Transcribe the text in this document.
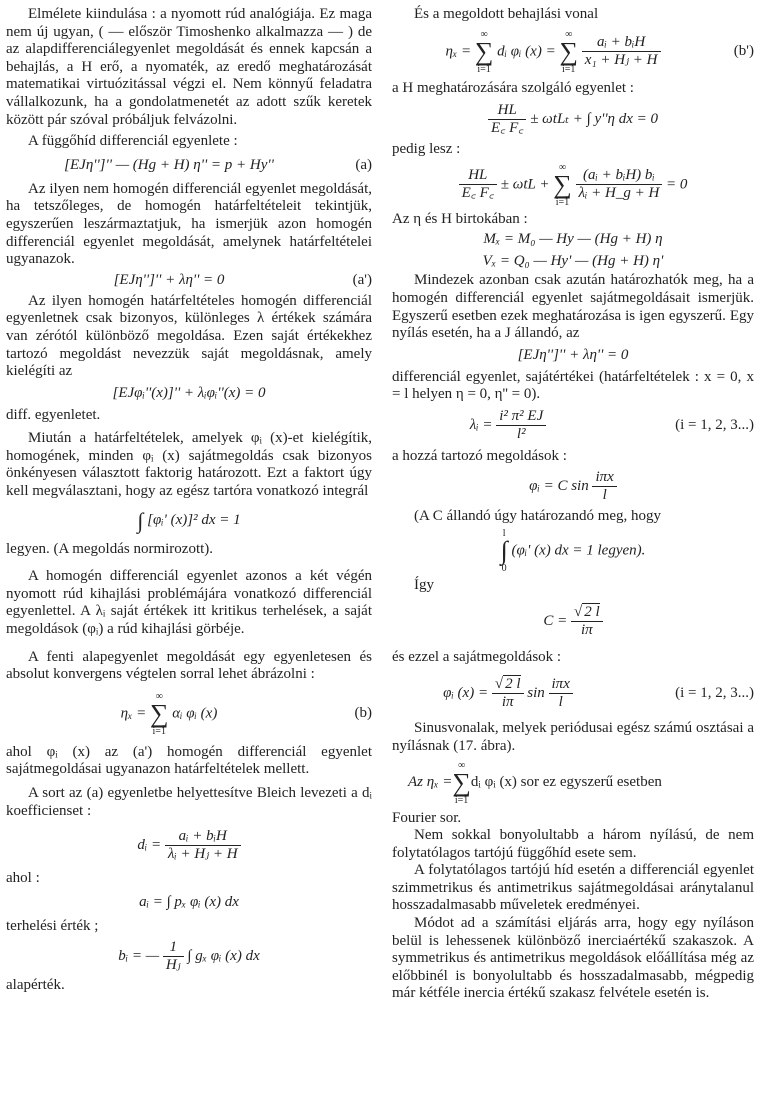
Elmélete kiindulása : a nyomott rúd analógiája. Ez maga nem új ugyan, ( — először Timoshenko alkalmazza — ) de az alapdifferenciálegyenlet megoldását és ennek kapcsán a behajlás, a H erő, a nyomaték, az eredő meghatározását matematikai virtuózitással végzi el. Nem könnyű feladatra vállalkozunk, ha a gondolatmenetét az adott szűk keretek között pár szóval próbáljuk felvázolni.

A függőhíd differenciál egyenlete :

[EJη'']'' — (Hg + H) η'' = p + Hy''	(a)

Az ilyen nem homogén differenciál egyenlet megoldását, ha tetszőleges, de homogén határfeltételeit tekintjük, egyszerűen leszármaztatjuk, ha ismerjük azon homogén differenciál egyenlet megoldását, amelynek határfeltételei ugyanazok.

[EJη'']'' + λη'' = 0	(a')

Az ilyen homogén határfeltételes homogén differenciál egyenletnek csak bizonyos, különleges λ értékek számára van zérótól különböző megoldása. Ezen saját értékekhez tartozó megoldást nevezzük saját megoldásnak, amely kielégíti az

[EJφᵢ''(x)]'' + λᵢφᵢ''(x) = 0

diff. egyenletet.

Miután a határfeltételek, amelyek φᵢ (x)-et kielégítik, homogének, minden φᵢ (x) sajátmegoldás csak bizonyos önkényesen választott faktorig határozott. Ezt a faktort úgy kell megválasztani, hogy az egész tartóra vonatkozó integrál

∫ [φᵢ' (x)]² dx = 1

legyen. (A megoldás normirozott).

A homogén differenciál egyenlet azonos a két végén nyomott rúd kihajlási problémájára vonatkozó differenciál egyenlettel. A λᵢ saját értékek itt kritikus terhelések, a saját megoldások (φᵢ) a rúd kihajlási görbéje.

A fenti alapegyenlet megoldását egy egyenletesen és absolut konvergens végtelen sorral lehet ábrázolni :

ηₓ =
∞
∑
i=1
αᵢ φᵢ (x)	(b)

ahol φᵢ (x) az (a') homogén differenciál egyenlet sajátmegoldásai ugyanazon határfeltételek mellett.

A sort az (a) egyenletbe helyettesítve Bleich levezeti a dᵢ koefficienset :

dᵢ = $\frac{\text{aᵢ + bᵢH}}{\text{λᵢ + Hⱼ + H}}$

ahol :

aᵢ = ∫ pₓ φᵢ (x) dx

terhelési érték ;

bᵢ = — $\frac{1}{\text{Hⱼ}}$ ∫ gₓ φᵢ (x) dx

alapérték.

És a megoldott behajlási vonal

ηₓ =
∞
∑
i=1
dᵢ φᵢ (x) =
∞
∑
i=1
$\frac{\text{aᵢ + bᵢH}}{\text{x₁ + Hⱼ + H}}$	(b')

a H meghatározására szolgáló egyenlet :

$\frac{HL}{E꜀ F꜀} \pm \omega tL_t$ + ∫ y''η dx = 0

pedig lesz :

$\frac{HL}{E꜀ F꜀} \pm \omega tL$ +
∞
∑
i=1
$\frac{\text{(aᵢ + bᵢH) bᵢ}}{\text{λᵢ + H\_g + H}} = 0$

Az η és H birtokában :

Mₓ = M₀ — Hy — (Hg + H) η
Vₓ = Q₀ — Hy' — (Hg + H) η'

Mindezek azonban csak azután határozhatók meg, ha a homogén differenciál egyenlet sajátmegoldásait ismerjük. Egyszerű esetben ezek meghatározása is igen egyszerű. Egy nyílás esetén, ha a J állandó, az

[EJη'']'' + λη'' = 0

differenciál egyenlet, sajátértékei (határfeltételek : x = 0, x = l helyen η = 0, η'' = 0).

λᵢ = $\frac{\text{i² π² EJ}}{\text{l²}}$	(i = 1, 2, 3...)

a hozzá tartozó megoldások :

φᵢ = C $\sin \frac{\text{iπx}}{l}$

(A C állandó úgy határozandó meg, hogy

l
∫
0
(φᵢ' (x) dx = 1 legyen).

Így

$C = \frac{√ 2 l}{i\pi}$

és ezzel a sajátmegoldások :

φᵢ $(x) = \frac{√ 2 l}{i\pi}$ $\sin \frac{\text{iπx}}{l}$	(i = 1, 2, 3...)

Sinusvonalak, melyek periódusai egész számú osztásai a nyílásnak (17. ábra).

Az ηₓ =
∞
∑
i=1
dᵢ φᵢ (x) sor ez egyszerű esetben

Fourier sor.

Nem sokkal bonyolultabb a három nyílású, de nem folytatólagos tartójú függőhíd esete sem.

A folytatólagos tartójú híd esetén a differenciál egyenlet szimmetrikus és antimetrikus sajátmegoldásai aránytalanul hosszadalmasabb műveletek eredményei.

Módot ad a számítási eljárás arra, hogy egy nyíláson belül is lehessenek különböző inerciaértékű szakaszok. A symmetrikus és antimetrikus megoldások előállítása még az előbbinél is bonyolultabb és hosszadalmasabb, mégpedig már kétféle inercia értékű szakasz felvétele esetén is.
